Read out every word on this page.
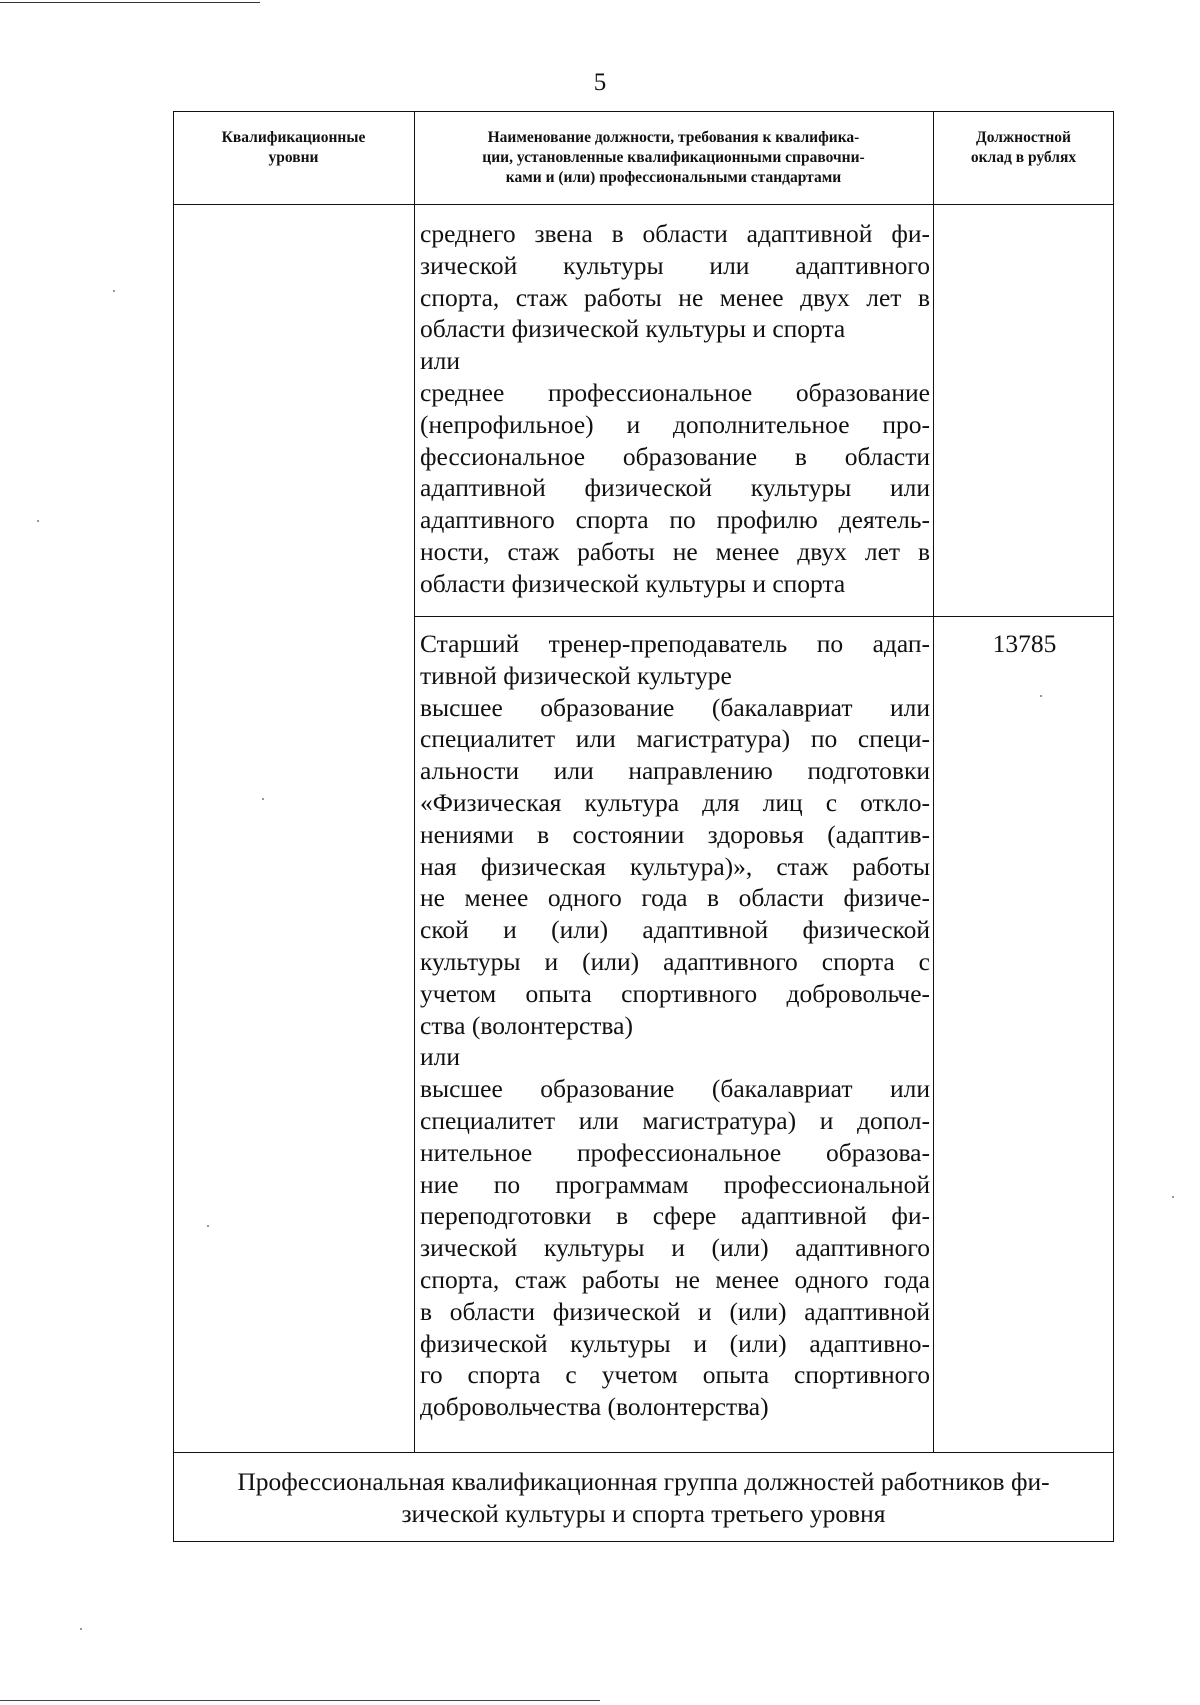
5
Квалификационные
уровни
Наименование должности, требования к квалифика-
ции, установленные квалификационными справочни-
ками и (или) профессиональными стандартами
Должностной
оклад в рублях
среднего звена в области адаптивной фи-
зической культуры или адаптивного
спорта, стаж работы не менее двух лет в
области физической культуры и спорта
или
среднее профессиональное образование
(непрофильное) и дополнительное про-
фессиональное образование в области
адаптивной физической культуры или
адаптивного спорта по профилю деятель-
ности, стаж работы не менее двух лет в
области физической культуры и спорта
Старший тренер-преподаватель по адап-
тивной физической культуре
высшее образование (бакалавриат или
специалитет или магистратура) по специ-
альности или направлению подготовки
«Физическая культура для лиц с откло-
нениями в состоянии здоровья (адаптив-
ная физическая культура)», стаж работы
не менее одного года в области физиче-
ской и (или) адаптивной физической
культуры и (или) адаптивного спорта с
учетом опыта спортивного добровольче-
ства (волонтерства)
или
высшее образование (бакалавриат или
специалитет или магистратура) и допол-
нительное профессиональное образова-
ние по программам профессиональной
переподготовки в сфере адаптивной фи-
зической культуры и (или) адаптивного
спорта, стаж работы не менее одного года
в области физической и (или) адаптивной
физической культуры и (или) адаптивно-
го спорта с учетом опыта спортивного
добровольчества (волонтерства)
13785
Профессиональная квалификационная группа должностей работников фи-
зической культуры и спорта третьего уровня
